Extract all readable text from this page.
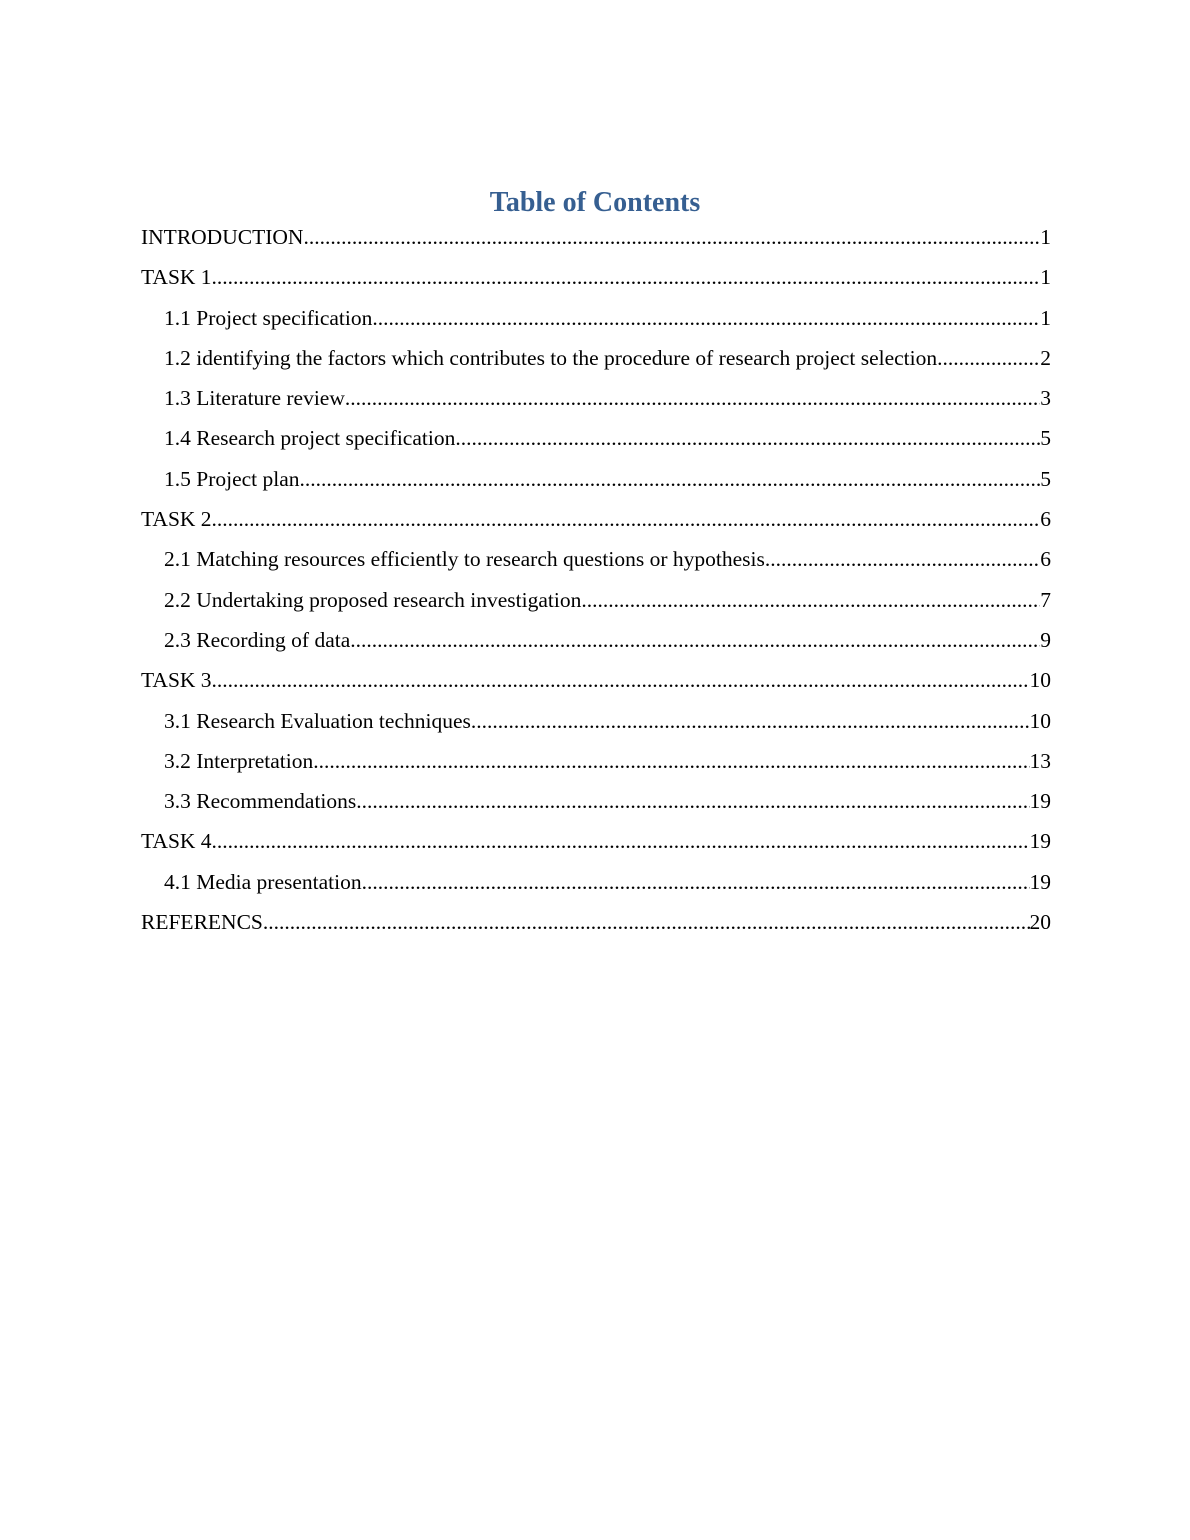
Table of Contents
INTRODUCTION .....	1
TASK 1 .....	1
1.1 Project specification .....	1
1.2 identifying the factors which contributes to the procedure of research project selection .....	2
1.3 Literature review .....	3
1.4 Research project specification .....	5
1.5 Project plan .....	5
TASK 2 .....	6
2.1 Matching resources efficiently to research questions or hypothesis .....	6
2.2 Undertaking proposed research investigation .....	7
2.3 Recording of data .....	9
TASK 3 .....	10
3.1 Research Evaluation techniques .....	10
3.2 Interpretation .....	13
3.3 Recommendations .....	19
TASK 4 .....	19
4.1 Media presentation .....	19
REFERENCS .....	20
